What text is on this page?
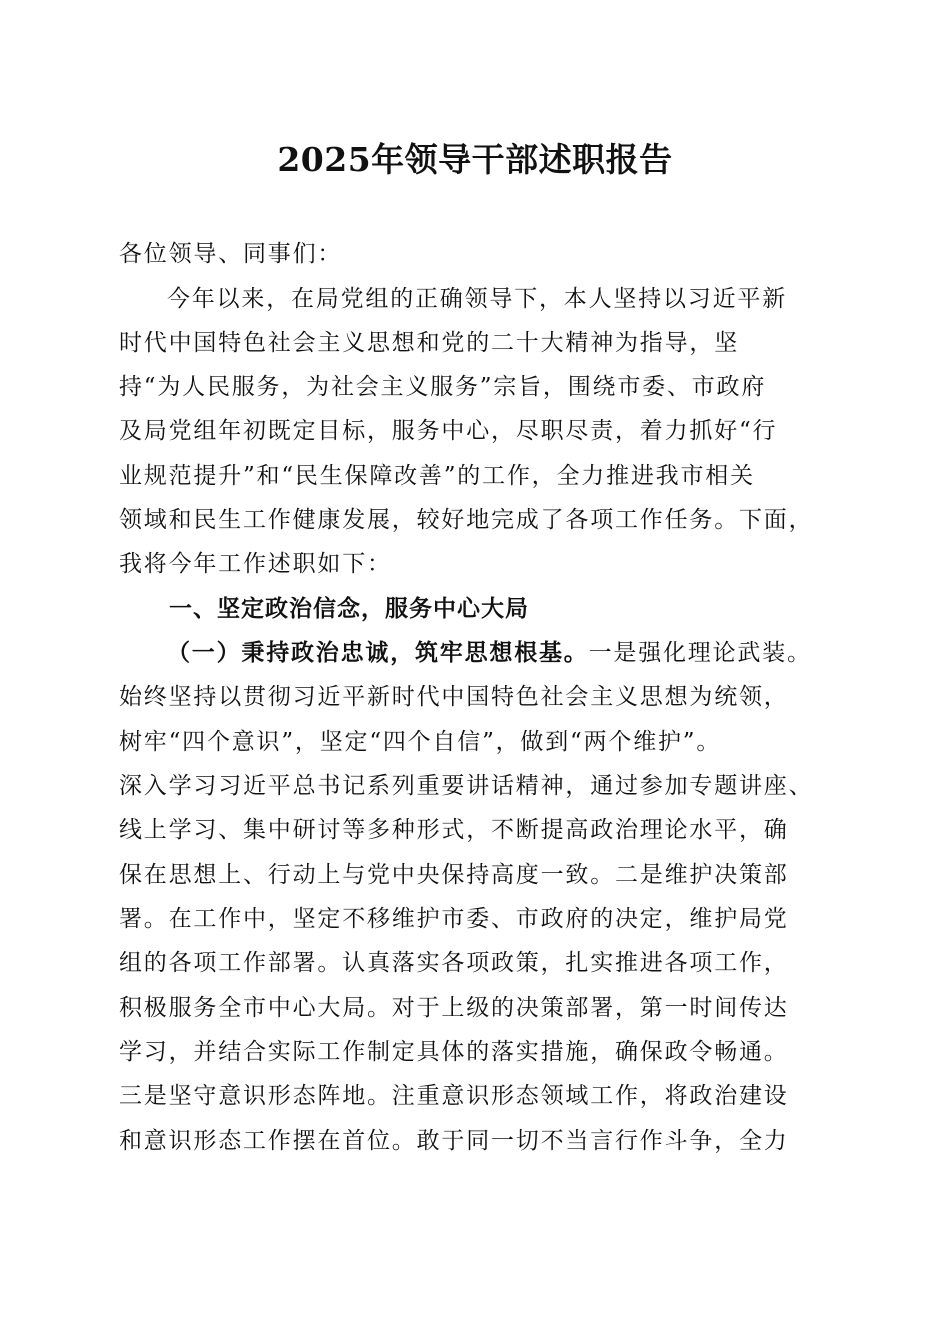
2025年领导干部述职报告
各位领导、同事们：
今年以来，在局党组的正确领导下，本人坚持以习近平新
时代中国特色社会主义思想和党的二十大精神为指导，坚
持“为人民服务，为社会主义服务”宗旨，围绕市委、市政府
及局党组年初既定目标，服务中心，尽职尽责，着力抓好“行
业规范提升”和“民生保障改善”的工作，全力推进我市相关
领域和民生工作健康发展，较好地完成了各项工作任务。下面，
我将今年工作述职如下：
一、坚定政治信念，服务中心大局
（一）秉持政治忠诚，筑牢思想根基。一是强化理论武装。
始终坚持以贯彻习近平新时代中国特色社会主义思想为统领，
树牢“四个意识”，坚定“四个自信”，做到“两个维护”。
深入学习习近平总书记系列重要讲话精神，通过参加专题讲座、
线上学习、集中研讨等多种形式，不断提高政治理论水平，确
保在思想上、行动上与党中央保持高度一致。二是维护决策部
署。在工作中，坚定不移维护市委、市政府的决定，维护局党
组的各项工作部署。认真落实各项政策，扎实推进各项工作，
积极服务全市中心大局。对于上级的决策部署，第一时间传达
学习，并结合实际工作制定具体的落实措施，确保政令畅通。
三是坚守意识形态阵地。注重意识形态领域工作，将政治建设
和意识形态工作摆在首位。敢于同一切不当言行作斗争，全力
